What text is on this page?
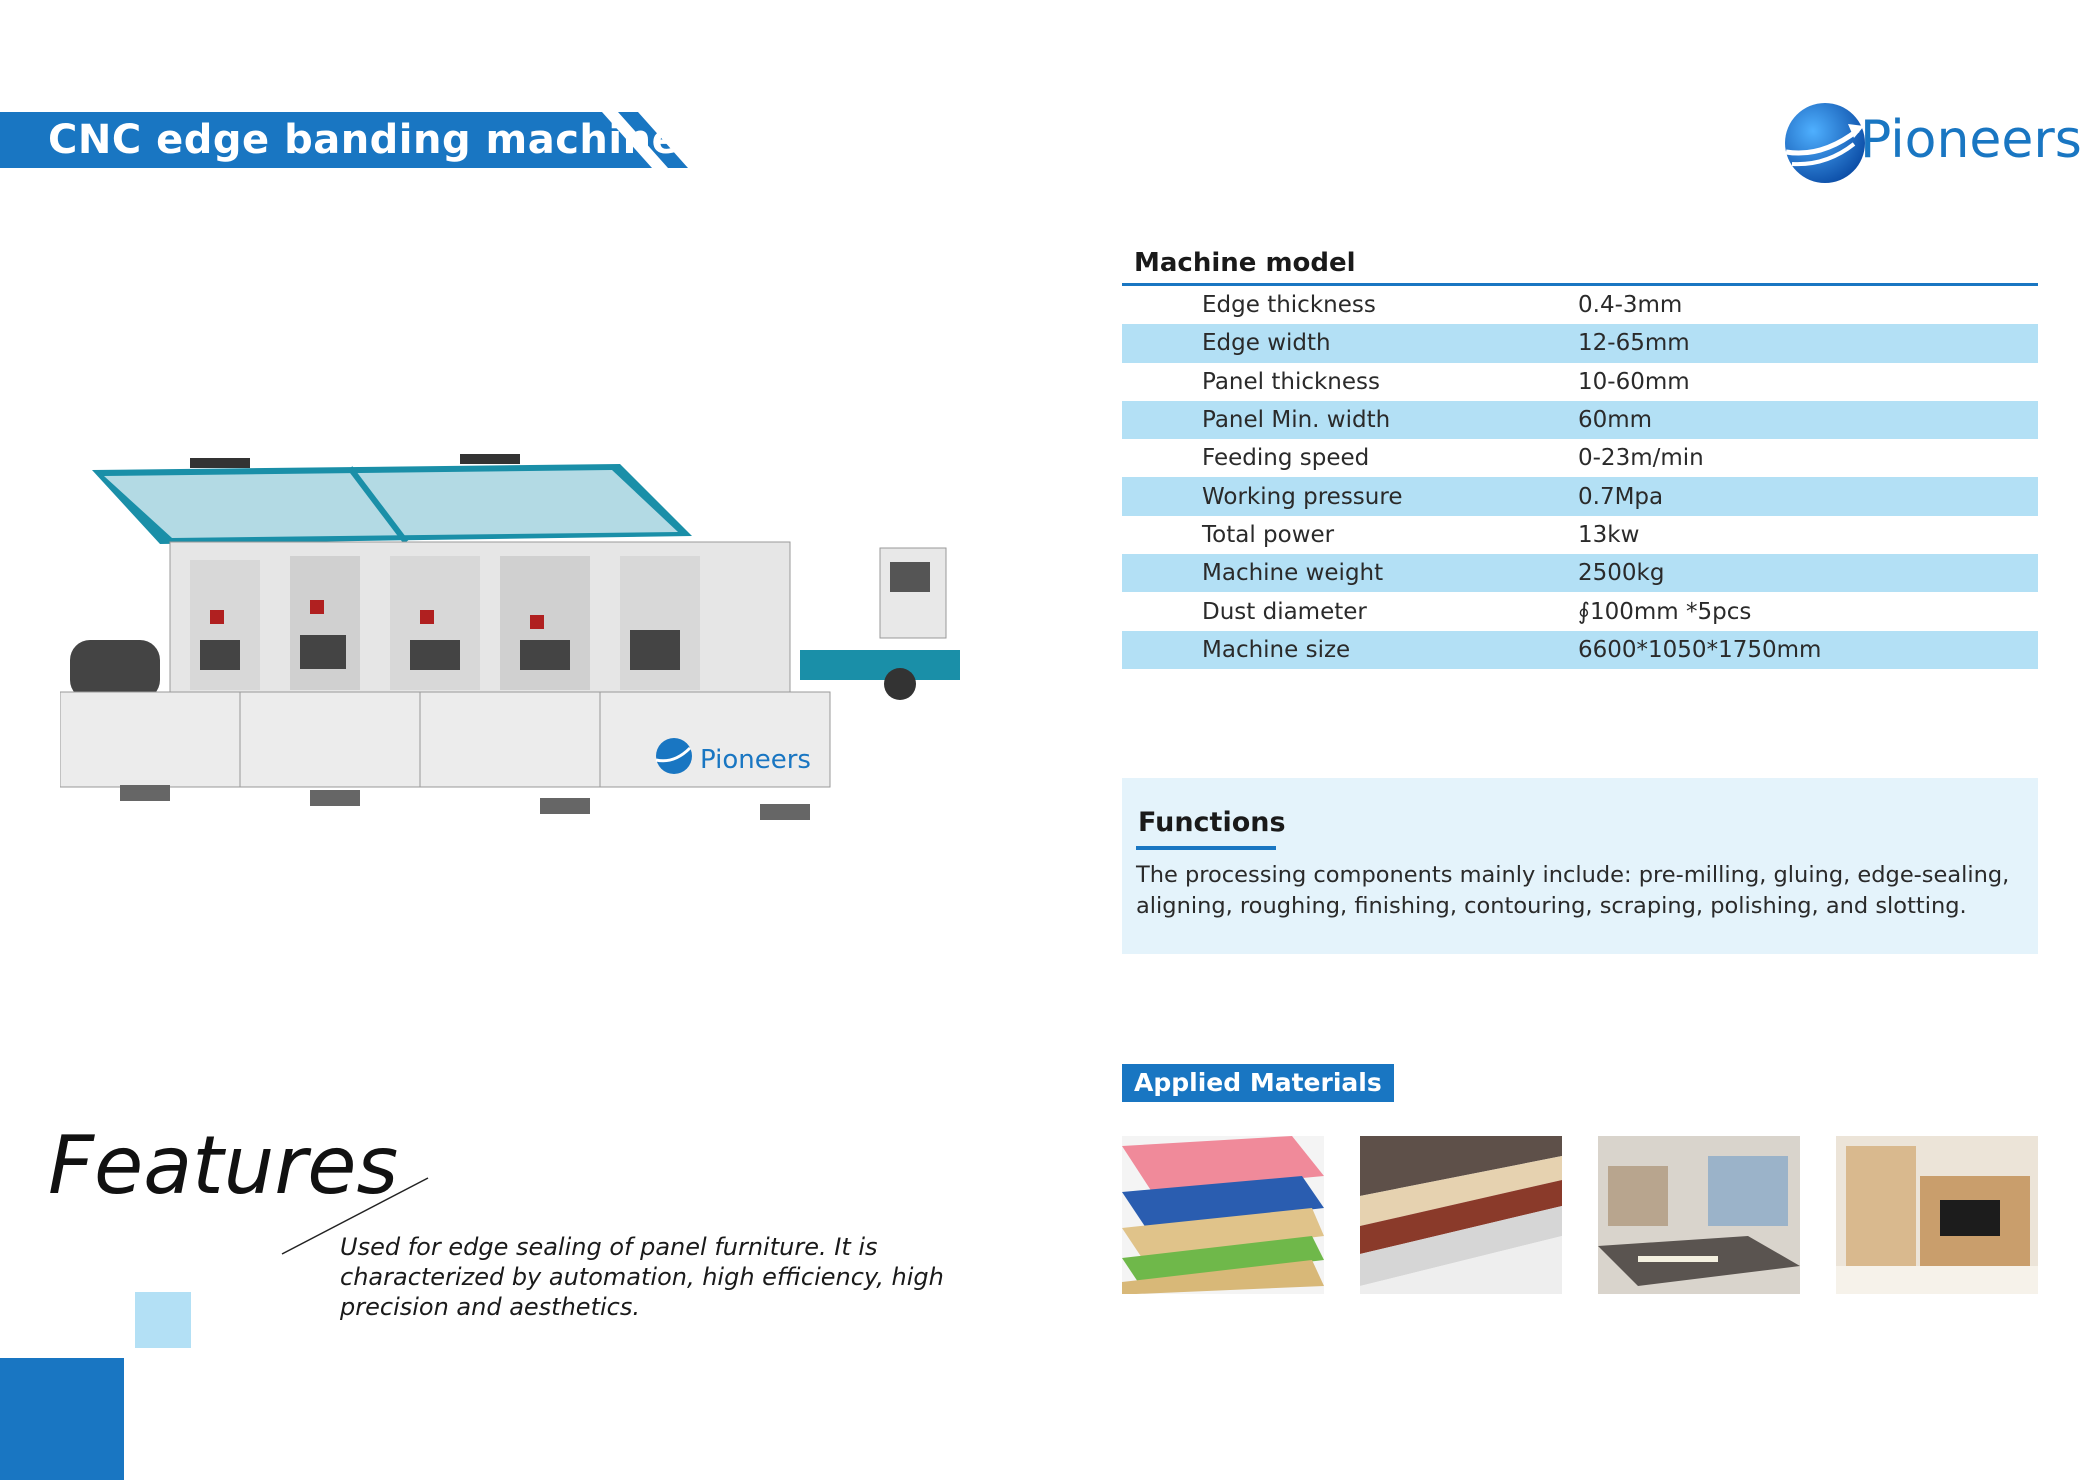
CNC edge banding machine	Pioneers
Pioneers
Machine model
Edge thickness	0.4-3mm
Edge width	12-65mm
Panel thickness	10-60mm
Panel Min. width	60mm
Feeding speed	0-23m/min
Working pressure	0.7Mpa
Total power	13kw
Machine weight	2500kg
Dust diameter	∮100mm *5pcs
Machine size	6600*1050*1750mm
Functions
The processing components mainly include: pre-milling, gluing, edge-sealing, aligning, roughing, finishing, contouring, scraping, polishing, and slotting.
Applied Materials
Features
Used for edge sealing of panel furniture. It is characterized by automation, high efficiency, high precision and aesthetics.
